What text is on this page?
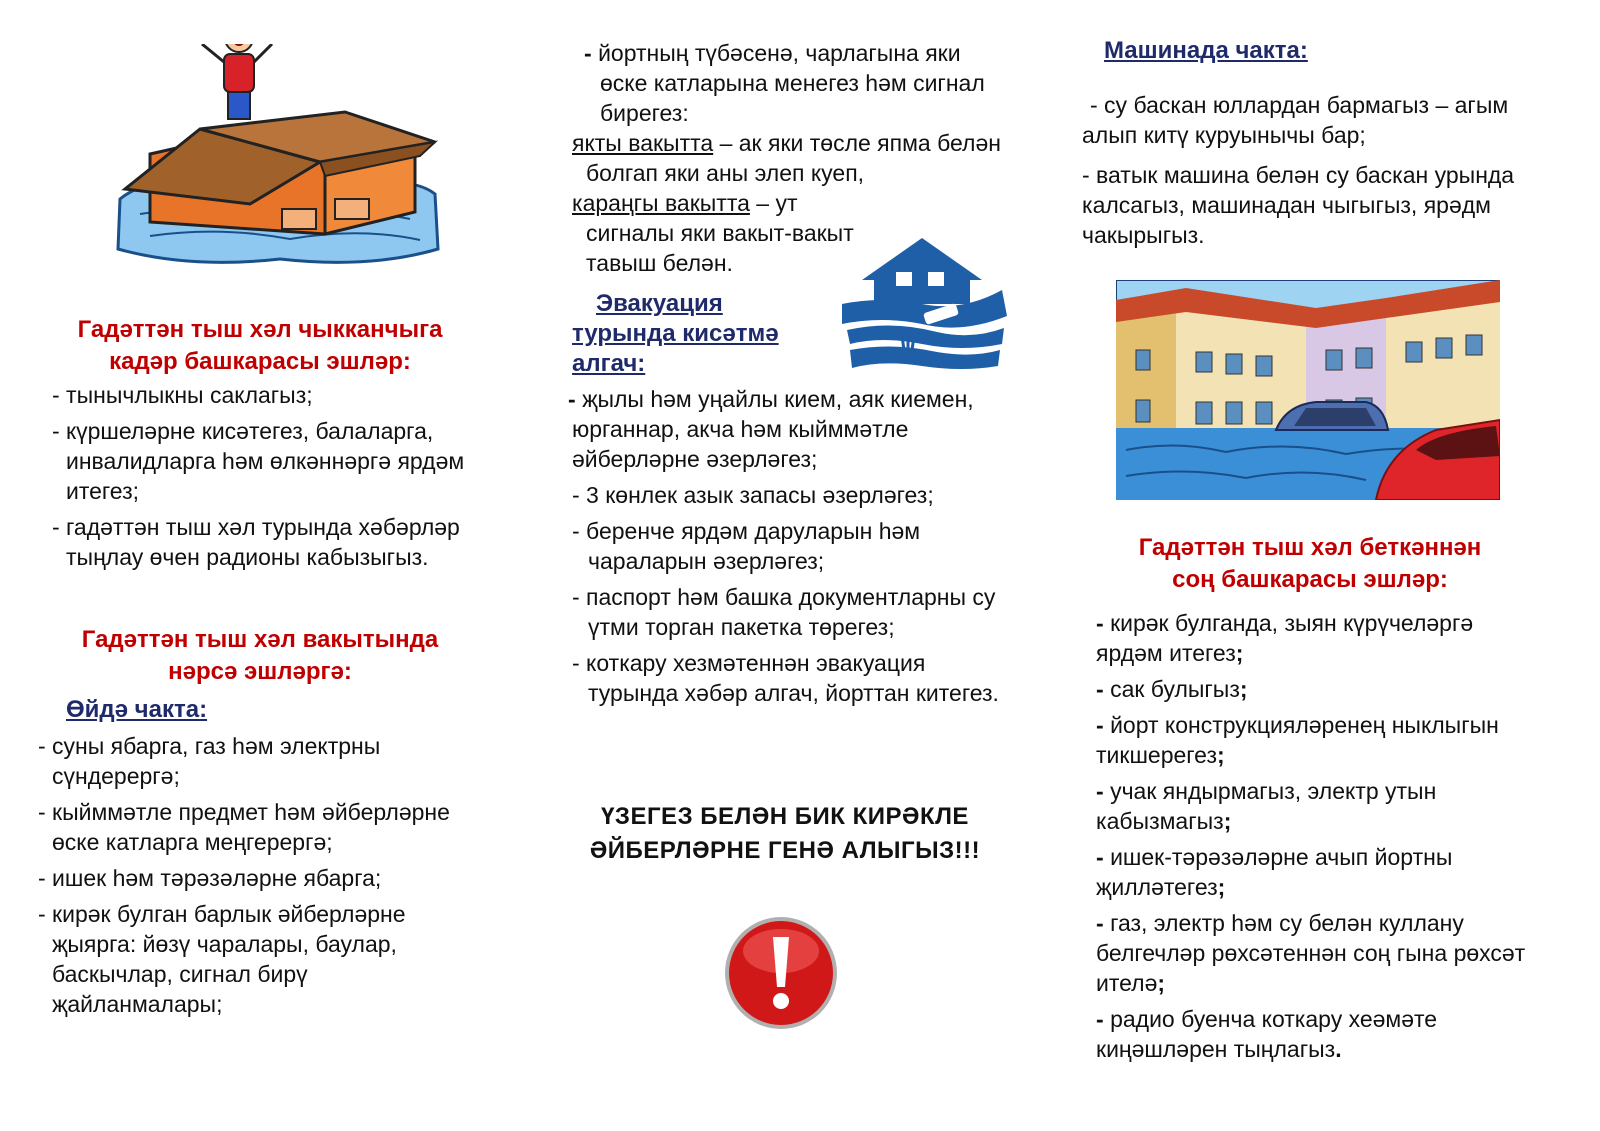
Гадәттән тыш хәл чыкканчыга
кадәр башкарасы эшләр:

- тынычлыкны саклагыз;

- күршеләрне кисәтегез, балаларга, инвалидларга һәм өлкәннәргә ярдәм итегез;

- гадәттән тыш хәл турында хәбәрләр тыңлау өчен радионы кабызыгыз.

Гадәттән тыш хәл вакытында
нәрсә эшләргә:

Өйдә чакта:

- суны ябарга, газ һәм электрны сүндерергә;

- кыйммәтле предмет һәм әйберләрне өске катларга меңгерергә;

- ишек һәм тәрәзәләрне ябарга;

- кирәк булган барлык әйберләрне җыярга: йөзү чаралары, баулар, баскычлар, сигнал бирү җайланмалары;

- йортның түбәсенә, чарлагына яки өске катларына менегез һәм сигнал бирегез:

якты вакытта – ак яки төсле япма белән болгап яки аны элеп куеп,

караңгы вакытта – ут сигналы яки вакыт-вакыт тавыш белән.

Эвакуация
турында кисәтмә
алгач:

- җылы һәм уңайлы кием, аяк киемен, юрганнар, акча һәм кыйммәтле әйберләрне әзерләгез;

- 3 көнлек азык запасы әзерләгез;

- беренче ярдәм даруларын һәм чараларын әзерләгез;

- паспорт һәм башка документларны су үтми торган пакетка төрегез;

- коткару хезмәтеннән эвакуация турында хәбәр алгач, йорттан китегез.

ҮЗЕГЕЗ БЕЛӘН БИК КИРӘКЛЕ
ӘЙБЕРЛӘРНЕ ГЕНӘ АЛЫГЫЗ!!!

Машинада чакта:

- су баскан юллардан бармагыз – агым алып китү куруынычы бар;

- ватык машина белән су баскан урында калсагыз, машинадан чыгыгыз, ярәдм чакырыгыз.

Гадәттән тыш хәл беткәннән
соң башкарасы эшләр:

- кирәк булганда, зыян күрүчеләргә ярдәм итегез;

- сак булыгыз;

- йорт конструкцияләренең ныклыгын тикшерегез;

- учак яндырмагыз, электр утын кабызмагыз;

- ишек-тәрәзәләрне ачып йортны җилләтегез;

- газ, электр һәм су белән куллану белгечләр рөхсәтеннән соң гына рөхсәт ителә;

- радио буенча коткару хеәмәте киңәшләрен тыңлагыз.
